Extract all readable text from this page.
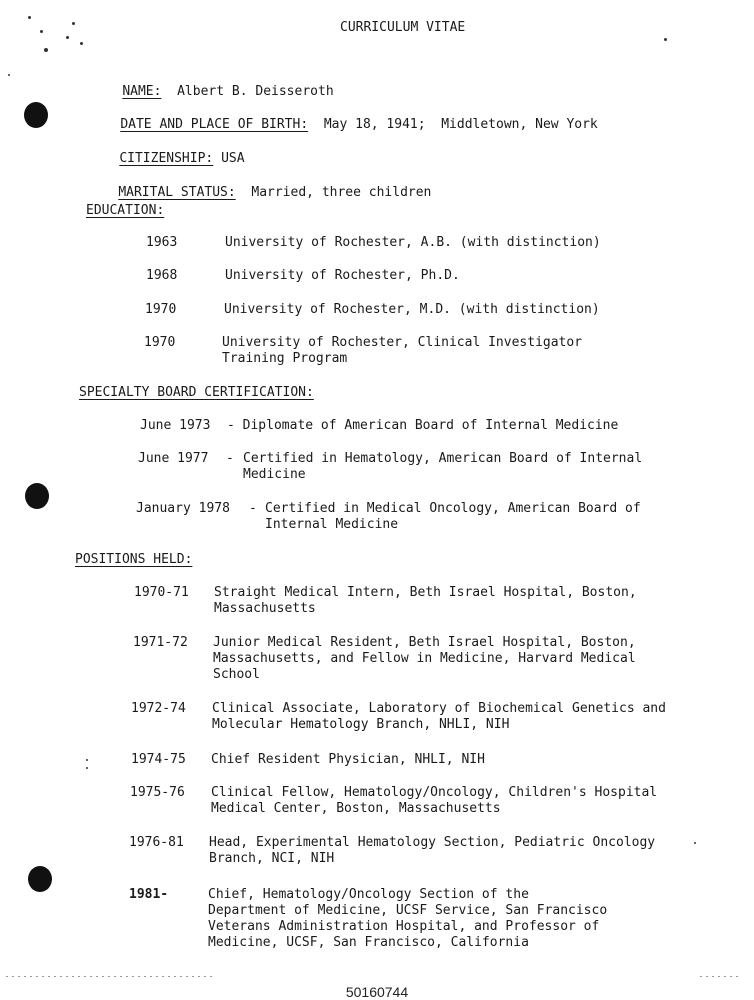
CURRICULUM VITAE

NAME: Albert B. Deisseroth

DATE AND PLACE OF BIRTH: May 18, 1941;  Middletown, New York

CITIZENSHIP: USA

MARITAL STATUS: Married, three children

EDUCATION:
1963	University of Rochester, A.B. (with distinction)
1968	University of Rochester, Ph.D.
1970	University of Rochester, M.D. (with distinction)
1970	University of Rochester, Clinical Investigator Training Program
SPECIALTY BOARD CERTIFICATION:
June 1973 - Diplomate of American Board of Internal Medicine
June 1977 - Certified in Hematology, American Board of Internal Medicine
January 1978 - Certified in Medical Oncology, American Board of Internal Medicine
POSITIONS HELD:
1970-71 Straight Medical Intern, Beth Israel Hospital, Boston, Massachusetts
1971-72 Junior Medical Resident, Beth Israel Hospital, Boston, Massachusetts, and Fellow in Medicine, Harvard Medical School
1972-74 Clinical Associate, Laboratory of Biochemical Genetics and Molecular Hematology Branch, NHLI, NIH
1974-75 Chief Resident Physician, NHLI, NIH
1975-76 Clinical Fellow, Hematology/Oncology, Children's Hospital Medical Center, Boston, Massachusetts
1976-81 Head, Experimental Hematology Section, Pediatric Oncology Branch, NCI, NIH
1981-	Chief, Hematology/Oncology Section of the Department of Medicine, UCSF Service, San Francisco Veterans Administration Hospital, and Professor of Medicine, UCSF, San Francisco, California
50160744
